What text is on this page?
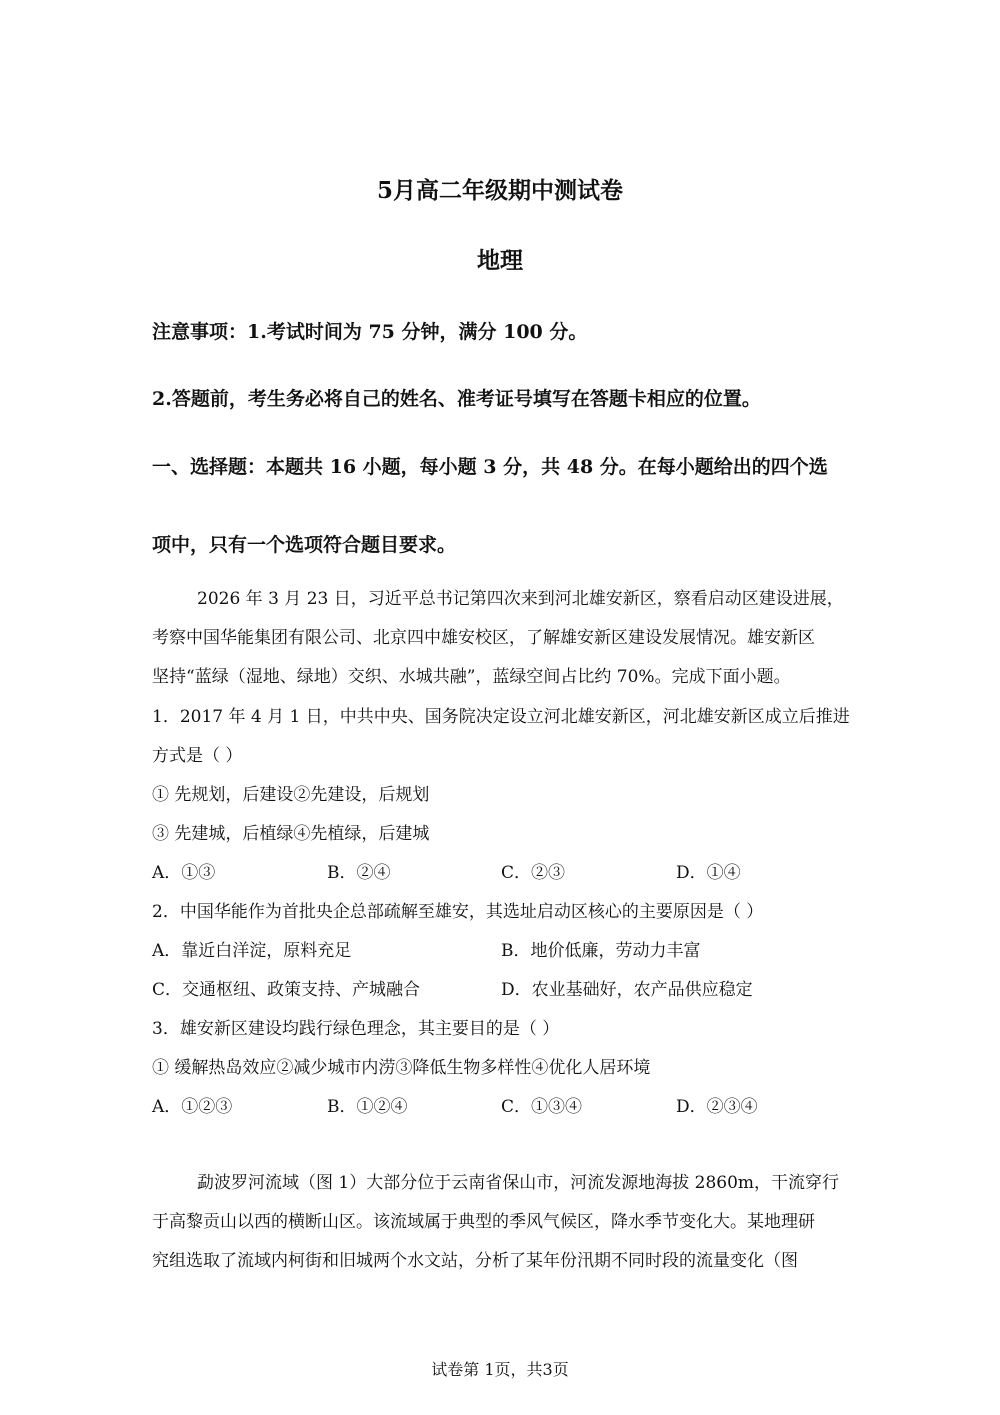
5月高二年级期中测试卷
地理
注意事项：1.考试时间为 75 分钟，满分 100 分。
2.答题前，考生务必将自己的姓名、准考证号填写在答题卡相应的位置。
一、选择题：本题共 16 小题，每小题 3 分，共 48 分。在每小题给出的四个选
项中，只有一个选项符合题目要求。
2026 年 3 月 23 日，习近平总书记第四次来到河北雄安新区，察看启动区建设进展，
考察中国华能集团有限公司、北京四中雄安校区，了解雄安新区建设发展情况。雄安新区
坚持“蓝绿（湿地、绿地）交织、水城共融”，蓝绿空间占比约 70%。完成下面小题。
1．2017 年 4 月 1 日，中共中央、国务院决定设立河北雄安新区，河北雄安新区成立后推进
方式是（ ）
① 先规划，后建设②先建设，后规划
③ 先建城，后植绿④先植绿，后建城
A．①③	B．②④	C．②③	D．①④
2．中国华能作为首批央企总部疏解至雄安，其选址启动区核心的主要原因是（ ）
A．靠近白洋淀，原料充足	B．地价低廉，劳动力丰富
C．交通枢纽、政策支持、产城融合	D．农业基础好，农产品供应稳定
3．雄安新区建设均践行绿色理念，其主要目的是（ ）
① 缓解热岛效应②减少城市内涝③降低生物多样性④优化人居环境
A．①②③	B．①②④	C．①③④	D．②③④
勐波罗河流域（图 1）大部分位于云南省保山市，河流发源地海拔 2860m，干流穿行
于高黎贡山以西的横断山区。该流域属于典型的季风气候区，降水季节变化大。某地理研
究组选取了流域内柯街和旧城两个水文站，分析了某年份汛期不同时段的流量变化（图
试卷第 1页，共3页
